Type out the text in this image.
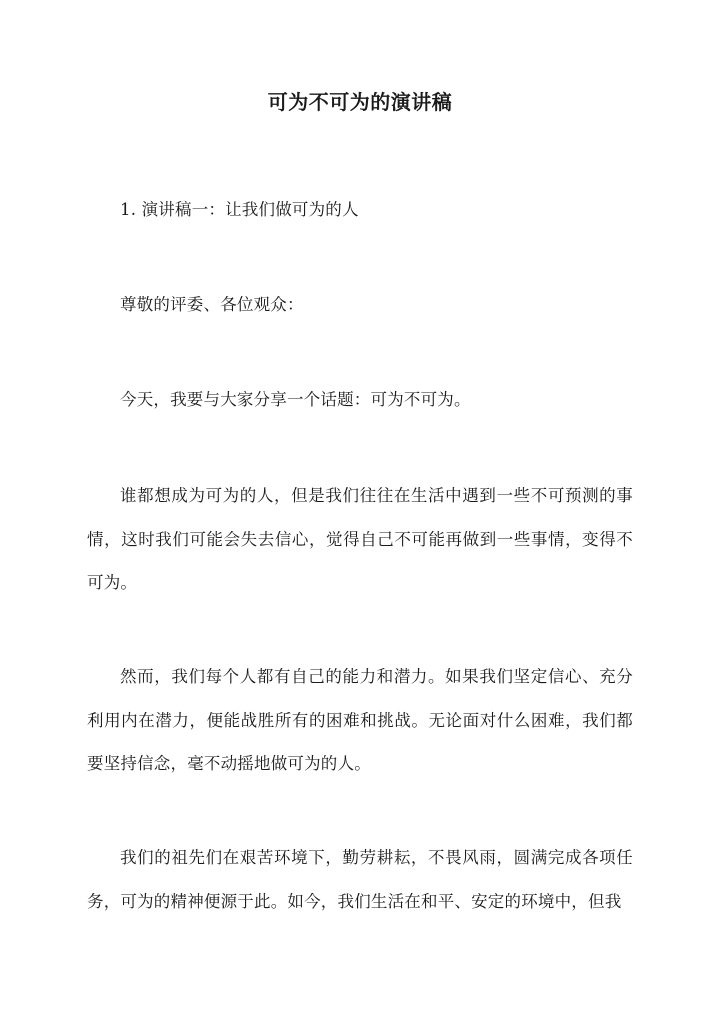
可为不可为的演讲稿
1. 演讲稿一：让我们做可为的人
尊敬的评委、各位观众：
今天，我要与大家分享一个话题：可为不可为。
谁都想成为可为的人，但是我们往往在生活中遇到一些不可预测的事情，这时我们可能会失去信心，觉得自己不可能再做到一些事情，变得不可为。
然而，我们每个人都有自己的能力和潜力。如果我们坚定信心、充分利用内在潜力，便能战胜所有的困难和挑战。无论面对什么困难，我们都要坚持信念，毫不动摇地做可为的人。
我们的祖先们在艰苦环境下，勤劳耕耘，不畏风雨，圆满完成各项任务，可为的精神便源于此。如今，我们生活在和平、安定的环境中，但我
